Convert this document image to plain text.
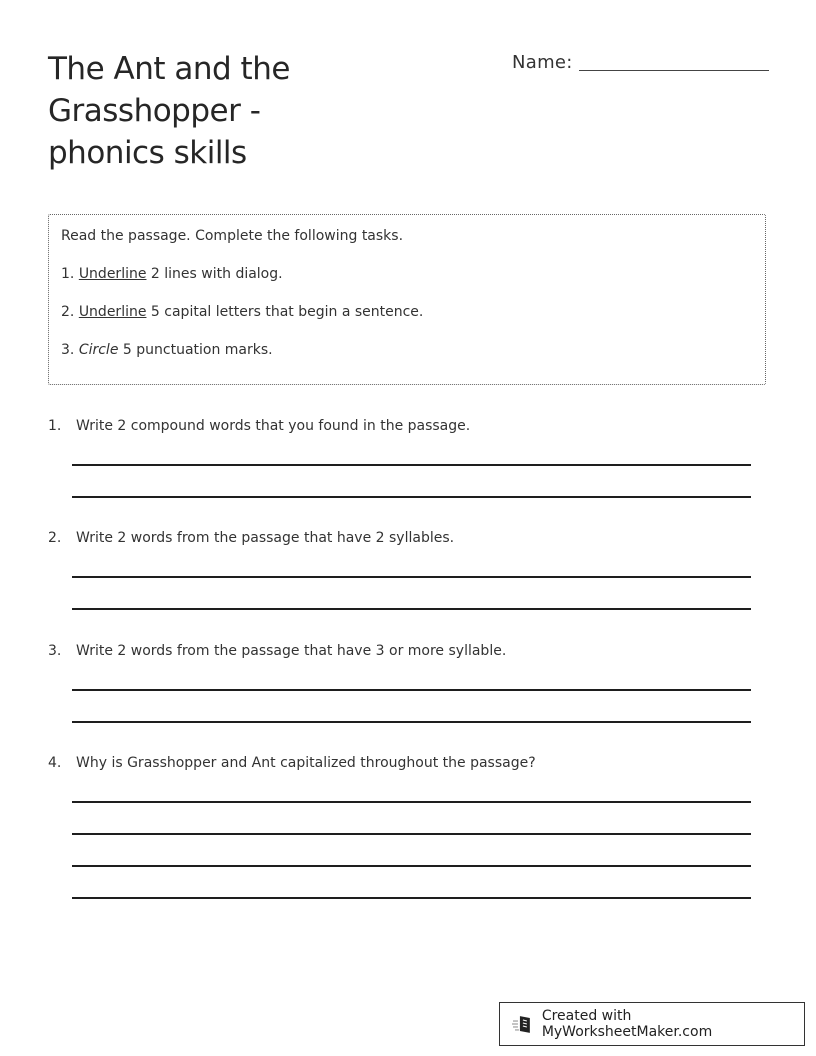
The Ant and the
Grasshopper -
phonics skills
Name:

Read the passage. Complete the following tasks.

1. Underline 2 lines with dialog.

2. Underline 5 capital letters that begin a sentence.

3. Circle 5 punctuation marks.

1.	Write 2 compound words that you found in the passage.
2.	Write 2 words from the passage that have 2 syllables.
3.	Write 2 words from the passage that have 3 or more syllable.
4.	Why is Grasshopper and Ant capitalized throughout the passage?
Created with MyWorksheetMaker.com
